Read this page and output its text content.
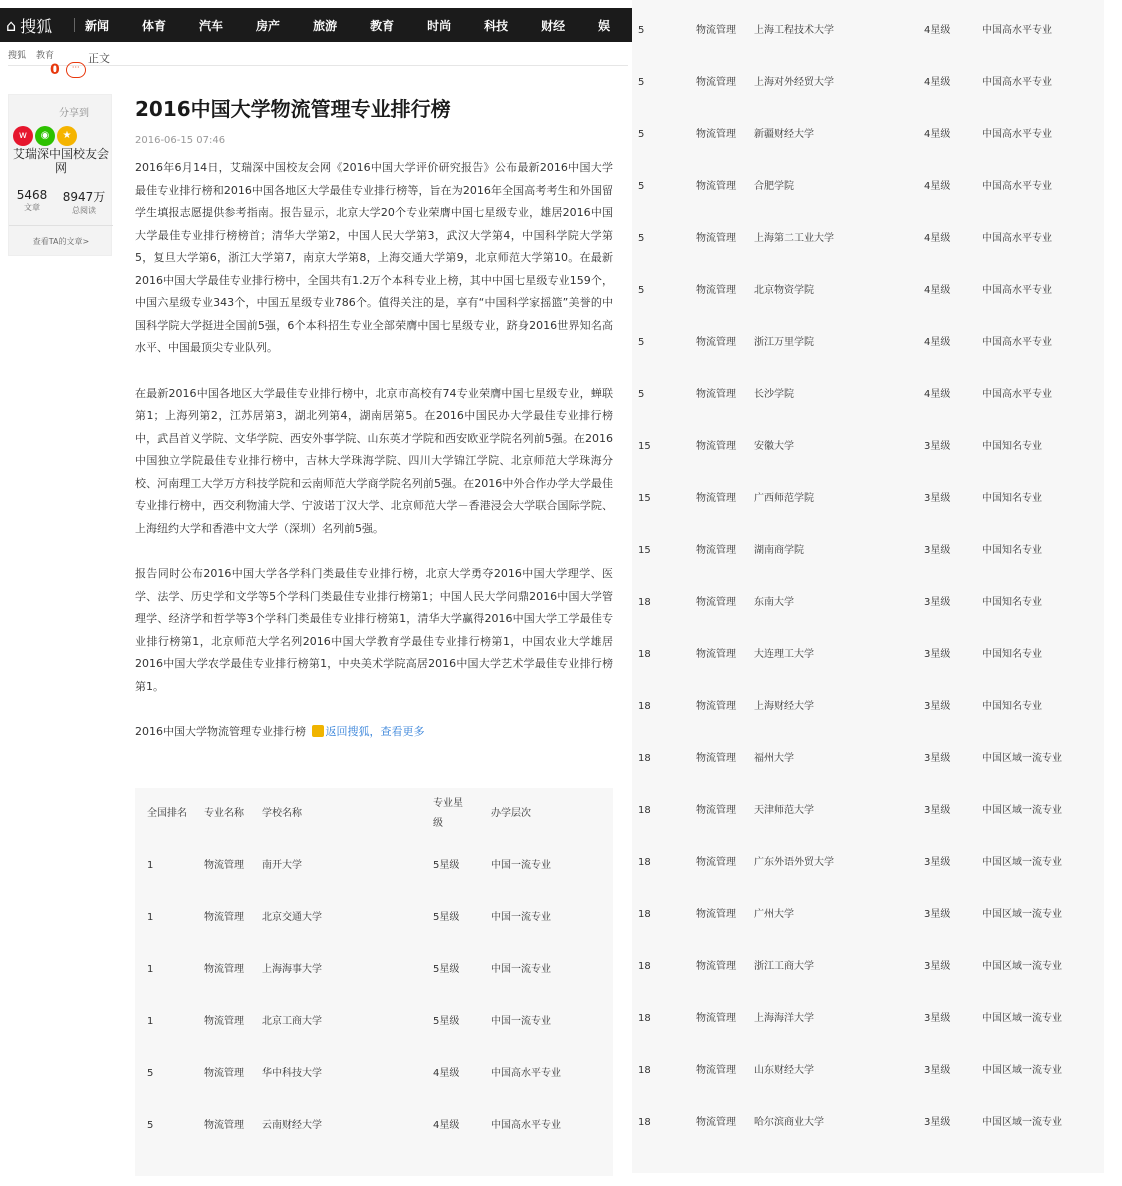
⌂ 搜狐	新闻	体育	汽车	房产	旅游	教育	时尚	科技	财经	娱
搜狐 教育	正文
0	···
分享到
w	◉	★
艾瑞深中国校友会网
5468
文章
8947万
总阅读
查看TA的文章>
2016中国大学物流管理专业排行榜
2016-06-15 07:46

2016年6月14日，艾瑞深中国校友会网《2016中国大学评价研究报告》公布最新2016中国大学最佳专业排行榜和2016中国各地区大学最佳专业排行榜等，旨在为2016年全国高考考生和外国留学生填报志愿提供参考指南。报告显示，北京大学20个专业荣膺中国七星级专业，雄居2016中国大学最佳专业排行榜榜首；清华大学第2，中国人民大学第3，武汉大学第4，中国科学院大学第5，复旦大学第6，浙江大学第7，南京大学第8，上海交通大学第9，北京师范大学第10。在最新2016中国大学最佳专业排行榜中，全国共有1.2万个本科专业上榜，其中中国七星级专业159个，中国六星级专业343个，中国五星级专业786个。值得关注的是，享有“中国科学家摇篮”美誉的中国科学院大学挺进全国前5强，6个本科招生专业全部荣膺中国七星级专业，跻身2016世界知名高水平、中国最顶尖专业队列。

在最新2016中国各地区大学最佳专业排行榜中，北京市高校有74专业荣膺中国七星级专业，蝉联第1；上海列第2，江苏居第3，湖北列第4，湖南居第5。在2016中国民办大学最佳专业排行榜中，武昌首义学院、文华学院、西安外事学院、山东英才学院和西安欧亚学院名列前5强。在2016中国独立学院最佳专业排行榜中，吉林大学珠海学院、四川大学锦江学院、北京师范大学珠海分校、河南理工大学万方科技学院和云南师范大学商学院名列前5强。在2016中外合作办学大学最佳专业排行榜中，西交利物浦大学、宁波诺丁汉大学、北京师范大学－香港浸会大学联合国际学院、上海纽约大学和香港中文大学（深圳）名列前5强。

报告同时公布2016中国大学各学科门类最佳专业排行榜，北京大学勇夺2016中国大学理学、医学、法学、历史学和文学等5个学科门类最佳专业排行榜第1；中国人民大学问鼎2016中国大学管理学、经济学和哲学等3个学科门类最佳专业排行榜第1，清华大学赢得2016中国大学工学最佳专业排行榜第1，北京师范大学名列2016中国大学教育学最佳专业排行榜第1，中国农业大学雄居2016中国大学农学最佳专业排行榜第1，中央美术学院高居2016中国大学艺术学最佳专业排行榜第1。

2016中国大学物流管理专业排行榜 返回搜狐，查看更多
全国排名 专业名称 学校名称
专业星级
办学层次
1	物流管理 南开大学	5星级	中国一流专业
1	物流管理 北京交通大学	5星级	中国一流专业
1	物流管理 上海海事大学	5星级	中国一流专业
1	物流管理 北京工商大学	5星级	中国一流专业
5	物流管理 华中科技大学	4星级	中国高水平专业
5	物流管理 云南财经大学	4星级	中国高水平专业
5	物流管理 上海工程技术大学	4星级	中国高水平专业
5	物流管理 上海对外经贸大学	4星级	中国高水平专业
5	物流管理 新疆财经大学	4星级	中国高水平专业
5	物流管理 合肥学院	4星级	中国高水平专业
5	物流管理 上海第二工业大学	4星级	中国高水平专业
5	物流管理 北京物资学院	4星级	中国高水平专业
5	物流管理 浙江万里学院	4星级	中国高水平专业
5	物流管理 长沙学院	4星级	中国高水平专业
15	物流管理 安徽大学	3星级	中国知名专业
15	物流管理 广西师范学院	3星级	中国知名专业
15	物流管理 湖南商学院	3星级	中国知名专业
18	物流管理 东南大学	3星级	中国知名专业
18	物流管理 大连理工大学	3星级	中国知名专业
18	物流管理 上海财经大学	3星级	中国知名专业
18	物流管理 福州大学	3星级	中国区域一流专业
18	物流管理 天津师范大学	3星级	中国区域一流专业
18	物流管理 广东外语外贸大学	3星级	中国区域一流专业
18	物流管理 广州大学	3星级	中国区域一流专业
18	物流管理 浙江工商大学	3星级	中国区域一流专业
18	物流管理 上海海洋大学	3星级	中国区域一流专业
18	物流管理 山东财经大学	3星级	中国区域一流专业
18	物流管理 哈尔滨商业大学	3星级	中国区域一流专业
